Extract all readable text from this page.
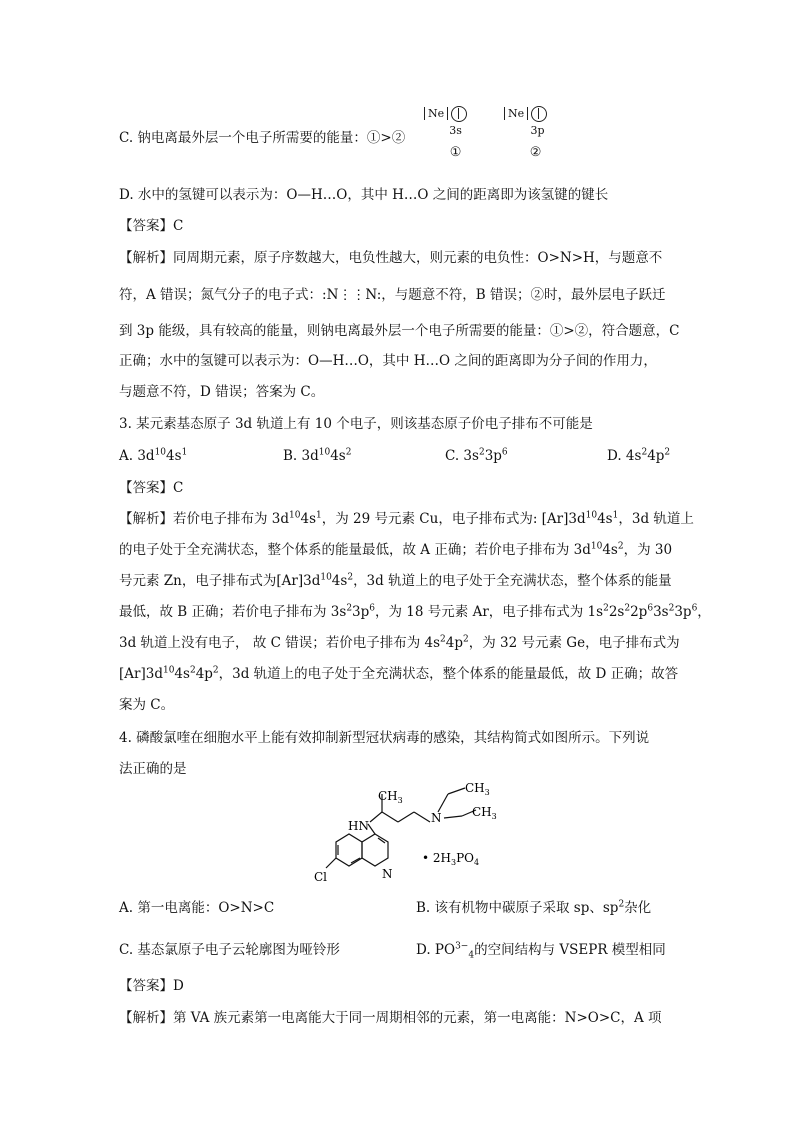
C. 钠电离最外层一个电子所需要的能量：①>②
Ne
3s
①
Ne
3p
②
D. 水中的氢键可以表示为：O—H…O，其中 H…O 之间的距离即为该氢键的键长
【答案】C
【解析】同周期元素，原子序数越大，电负性越大，则元素的电负性：O>N>H，与题意不
符，A 错误；氮气分子的电子式：:N⋮⋮N:，与题意不符，B 错误；②时，最外层电子跃迁
到 3p 能级，具有较高的能量，则钠电离最外层一个电子所需要的能量：①>②，符合题意，C
正确；水中的氢键可以表示为：O—H…O，其中 H…O 之间的距离即为分子间的作用力，
与题意不符，D 错误；答案为 C。
3. 某元素基态原子 3d 轨道上有 10 个电子，则该基态原子价电子排布不可能是
A. $3d^{10}4s^1$	B. $3d^{10}4s^2$	C. $3s^23p^6$	D. $4s^24p^2$
【答案】C
【解析】若价电子排布为 $3d^{10}4s^1$，为 29 号元素 Cu，电子排布式为: $[Ar]3d^{10}4s^1$，3d 轨道上
的电子处于全充满状态，整个体系的能量最低，故 A 正确；若价电子排布为 $3d^{10}4s^2$，为 30
号元素 Zn，电子排布式为$[Ar]3d^{10}4s^2$，3d 轨道上的电子处于全充满状态，整个体系的能量
最低，故 B 正确；若价电子排布为 $3s^23p^6$，为 18 号元素 Ar，电子排布式为 $1s^22s^22p^63s^23p^6$，
3d 轨道上没有电子， 故 C 错误；若价电子排布为 $4s^24p^2$，为 32 号元素 Ge，电子排布式为
$[Ar]3d^{10}4s^24p^2$，3d 轨道上的电子处于全充满状态，整个体系的能量最低，故 D 正确；故答
案为 C。
4. 磷酸氯喹在细胞水平上能有效抑制新型冠状病毒的感染，其结构简式如图所示。下列说
法正确的是
$CH_3$
$CH_3$
$CH_3$
HN
N
Cl	N
• $2H_3PO_4$
A. 第一电离能：O>N>C	B. 该有机物中碳原子采取 sp、$sp^2$杂化
C. 基态氯原子电子云轮廓图为哑铃形	D. $PO^{3-}_4$的空间结构与 VSEPR 模型相同
【答案】D
【解析】第 VA 族元素第一电离能大于同一周期相邻的元素，第一电离能：N>O>C，A 项
